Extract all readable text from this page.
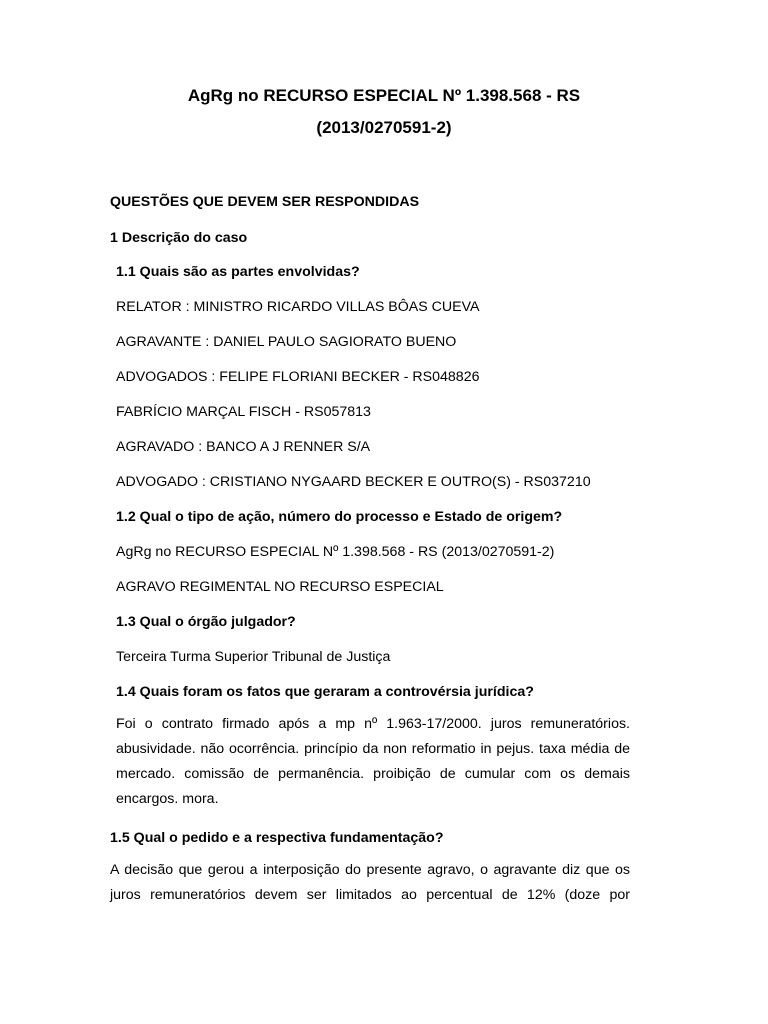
AgRg no RECURSO ESPECIAL Nº 1.398.568 - RS
(2013/0270591-2)

QUESTÕES QUE DEVEM SER RESPONDIDAS

1 Descrição do caso

1.1 Quais são as partes envolvidas?

RELATOR : MINISTRO RICARDO VILLAS BÔAS CUEVA

AGRAVANTE : DANIEL PAULO SAGIORATO BUENO

ADVOGADOS : FELIPE FLORIANI BECKER - RS048826

FABRÍCIO MARÇAL FISCH - RS057813

AGRAVADO : BANCO A J RENNER S/A

ADVOGADO : CRISTIANO NYGAARD BECKER E OUTRO(S) - RS037210

1.2 Qual o tipo de ação, número do processo e Estado de origem?

AgRg no RECURSO ESPECIAL Nº 1.398.568 - RS (2013/0270591-2)

AGRAVO REGIMENTAL NO RECURSO ESPECIAL

1.3 Qual o órgão julgador?

Terceira Turma Superior Tribunal de Justiça

1.4 Quais foram os fatos que geraram a controvérsia jurídica?

Foi o contrato firmado após a mp nº 1.963-17/2000. juros remuneratórios. abusividade. não ocorrência. princípio da non reformatio in pejus. taxa média de mercado. comissão de permanência. proibição de cumular com os demais encargos. mora.

1.5 Qual o pedido e a respectiva fundamentação?

A decisão que gerou a interposição do presente agravo, o agravante diz que os juros remuneratórios devem ser limitados ao percentual de 12% (doze por
